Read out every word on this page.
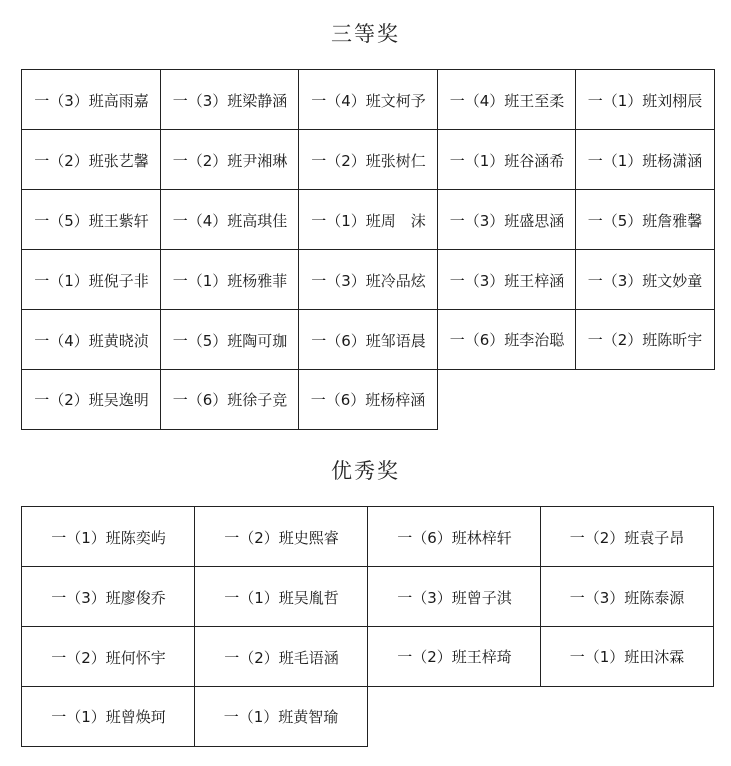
三等奖
一（3）班高雨嘉	一（3）班梁静涵	一（4）班文柯予	一（4）班王至柔	一（1）班刘栩辰
一（2）班张艺馨	一（2）班尹湘琳	一（2）班张树仁	一（1）班谷涵希	一（1）班杨潇涵
一（5）班王紫轩	一（4）班高琪佳	一（1）班周　沫	一（3）班盛思涵	一（5）班詹雅馨
一（1）班倪子非	一（1）班杨雅菲	一（3）班冷品炫	一（3）班王梓涵	一（3）班文妙童
一（4）班黄晓浈	一（5）班陶可珈	一（6）班邹语晨	一（6）班李治聪	一（2）班陈昕宇
一（2）班吴逸明	一（6）班徐子竞	一（6）班杨梓涵
优秀奖
一（1）班陈奕屿	一（2）班史熙睿	一（6）班林梓轩	一（2）班袁子昂
一（3）班廖俊乔	一（1）班吴胤哲	一（3）班曾子淇	一（3）班陈泰源
一（2）班何怀宇	一（2）班毛语涵	一（2）班王梓琦	一（1）班田沐霖
一（1）班曾焕珂	一（1）班黄智瑜
